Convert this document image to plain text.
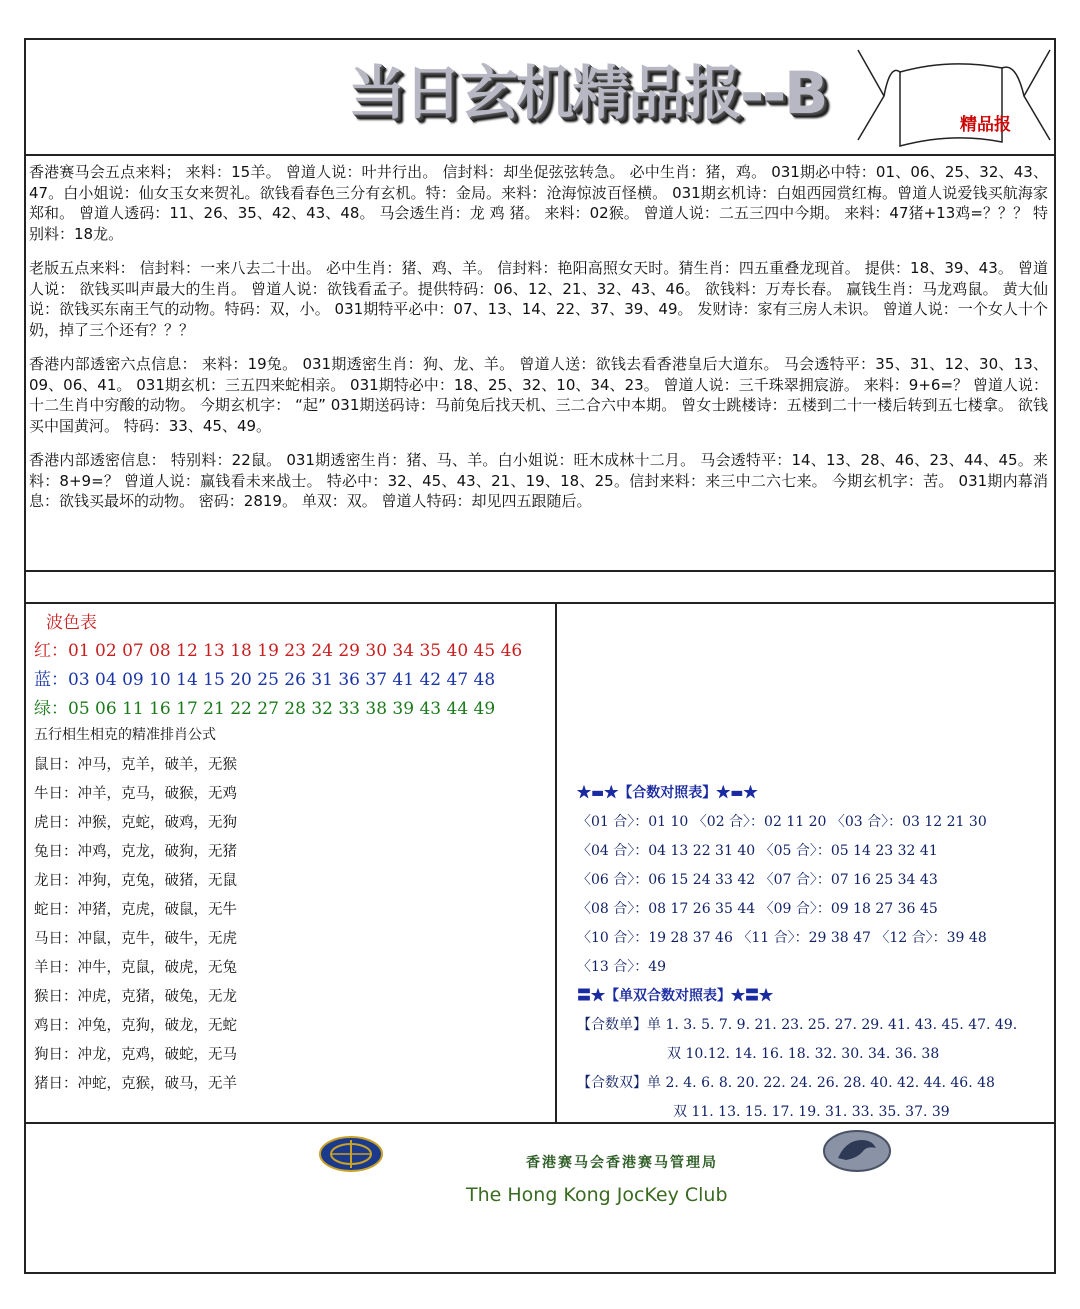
当日玄机精品报--B	精品报

香港赛马会五点来料； 来料：15羊。 曾道人说：叶井行出。 信封料：却坐促弦弦转急。 必中生肖：猪，鸡。 031期必中特：01、06、25、32、43、47。白小姐说：仙女玉女来贺礼。欲钱看春色三分有玄机。特：金局。来料：沧海惊波百怪横。 031期玄机诗：白姐西园赏红梅。曾道人说爱钱买航海家郑和。 曾道人透码：11、26、35、42、43、48。 马会透生肖：龙 鸡 猪。 来料：02猴。 曾道人说：二五三四中今期。 来料：47猪+13鸡=？？？ 特别料：18龙。

老版五点来料： 信封料：一来八去二十出。 必中生肖：猪、鸡、羊。 信封料：艳阳高照女天时。猜生肖：四五重叠龙现首。 提供：18、39、43。 曾道人说： 欲钱买叫声最大的生肖。 曾道人说：欲钱看孟子。提供特码：06、12、21、32、43、46。 欲钱料：万寿长春。 赢钱生肖：马龙鸡鼠。 黄大仙说：欲钱买东南王气的动物。特码：双，小。 031期特平必中：07、13、14、22、37、39、49。 发财诗：家有三房人未识。 曾道人说：一个女人十个奶，掉了三个还有？？？

香港内部透密六点信息： 来料：19兔。 031期透密生肖：狗、龙、羊。 曾道人送：欲钱去看香港皇后大道东。 马会透特平：35、31、12、30、13、09、06、41。 031期玄机：三五四来蛇相亲。 031期特必中：18、25、32、10、34、23。 曾道人说：三千珠翠拥宸游。 来料：9+6=？ 曾道人说：十二生肖中穷酸的动物。 今期玄机字： “起” 031期送码诗：马前兔后找天机、三二合六中本期。 曾女士跳楼诗：五楼到二十一楼后转到五七楼拿。 欲钱买中国黄河。 特码：33、45、49。

香港内部透密信息： 特别料：22鼠。 031期透密生肖：猪、马、羊。白小姐说：旺木成林十二月。 马会透特平：14、13、28、46、23、44、45。来料：8+9=？ 曾道人说：赢钱看未来战士。 特必中：32、45、43、21、19、18、25。信封来料：来三中二六七来。 今期玄机字：苦。 031期内幕消息：欲钱买最坏的动物。 密码：2819。 单双：双。 曾道人特码：却见四五跟随后。

波色表
红：01 02 07 08 12 13 18 19 23 24 29 30 34 35 40 45 46
蓝：03 04 09 10 14 15 20 25 26 31 36 37 41 42 47 48
绿：05 06 11 16 17 21 22 27 28 32 33 38 39 43 44 49
五行相生相克的精准排肖公式
鼠日：冲马，克羊，破羊，无猴
牛日：冲羊，克马，破猴，无鸡
虎日：冲猴，克蛇，破鸡，无狗
兔日：冲鸡，克龙，破狗，无猪
龙日：冲狗，克兔，破猪，无鼠
蛇日：冲猪，克虎，破鼠，无牛
马日：冲鼠，克牛，破牛，无虎
羊日：冲牛，克鼠，破虎，无兔
猴日：冲虎，克猪，破兔，无龙
鸡日：冲兔，克狗，破龙，无蛇
狗日：冲龙，克鸡，破蛇，无马
猪日：冲蛇，克猴，破马，无羊
★▬★【合数对照表】★▬★
〈01 合〉：01 10 〈02 合〉：02 11 20 〈03 合〉：03 12 21 30
〈04 合〉：04 13 22 31 40 〈05 合〉：05 14 23 32 41
〈06 合〉：06 15 24 33 42 〈07 合〉：07 16 25 34 43
〈08 合〉：08 17 26 35 44 〈09 合〉：09 18 27 36 45
〈10 合〉：19 28 37 46 〈11 合〉：29 38 47 〈12 合〉：39 48
〈13 合〉：49
〓★【单双合数对照表】★〓★
【合数单】单 1. 3. 5. 7. 9. 21. 23. 25. 27. 29. 41. 43. 45. 47. 49.
双 10.12. 14. 16. 18. 32. 30. 34. 36. 38
【合数双】单 2. 4. 6. 8. 20. 22. 24. 26. 28. 40. 42. 44. 46. 48
双 11. 13. 15. 17. 19. 31. 33. 35. 37. 39
香港赛马会香港赛马管理局
The Hong Kong JocKey Club
